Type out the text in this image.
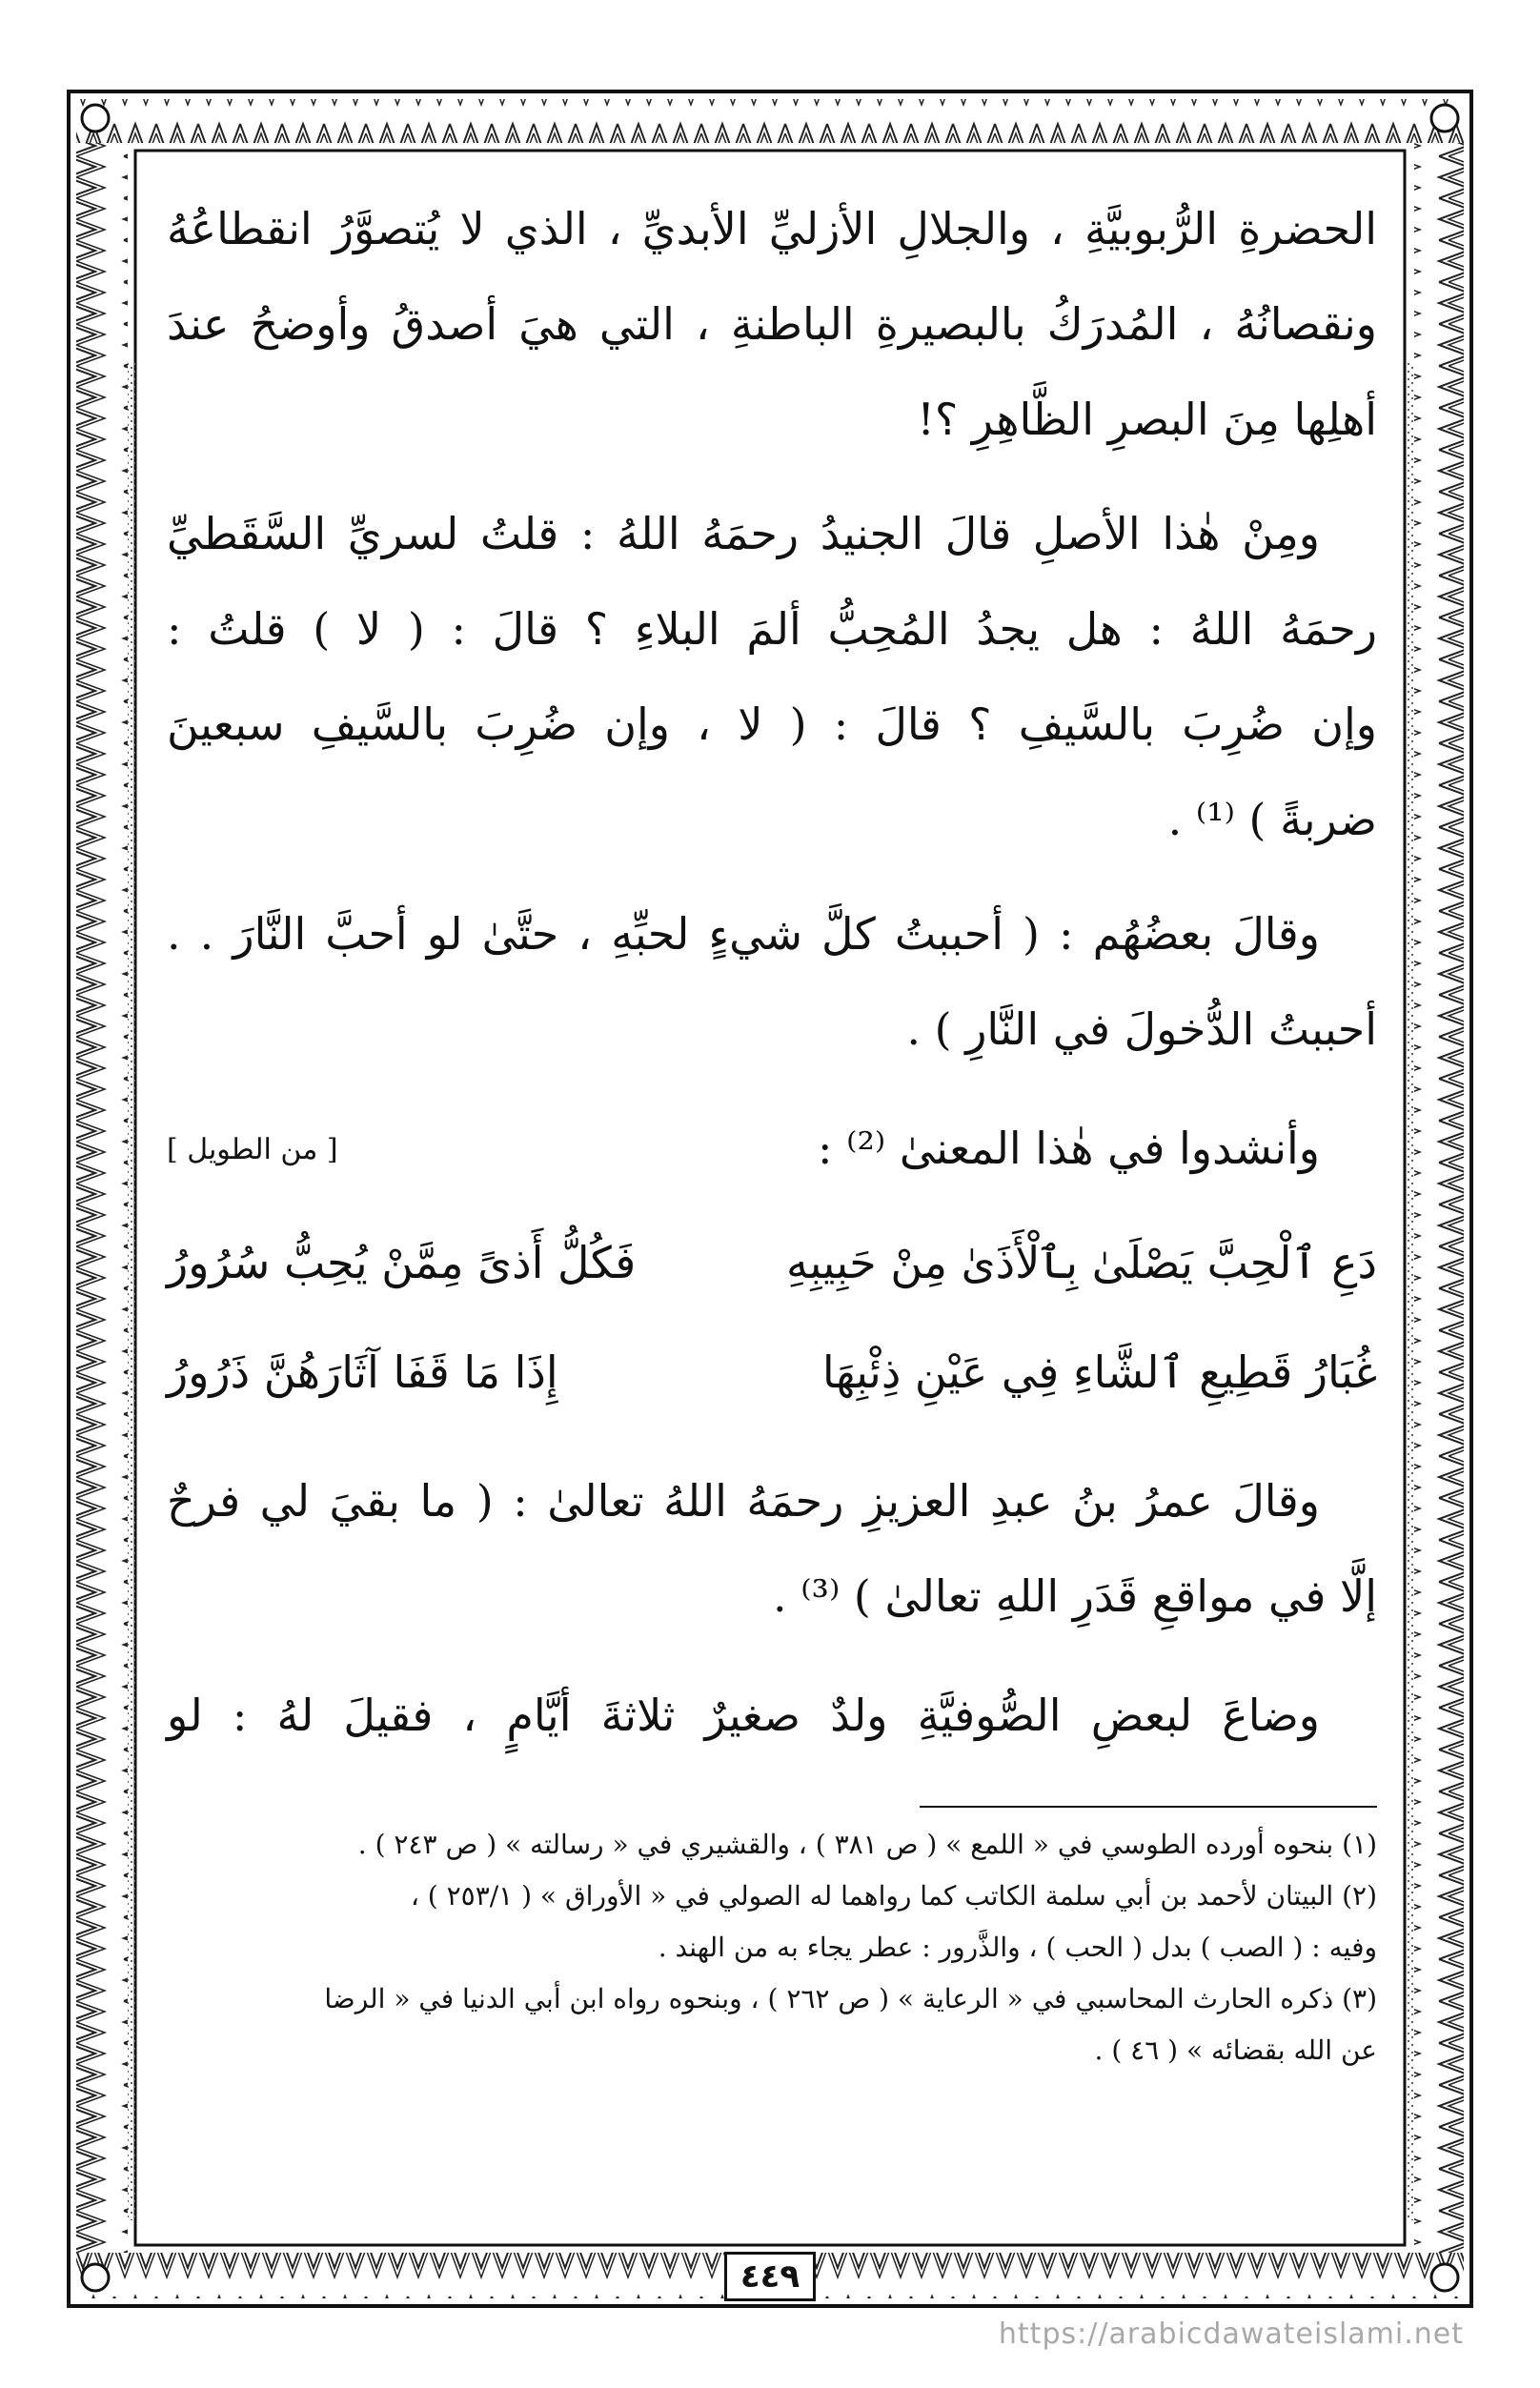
الحضرةِ الرُّبوبيَّةِ ، والجلالِ الأزليِّ الأبديِّ ، الذي لا يُتصوَّرُ انقطاعُهُ
ونقصانُهُ ، المُدرَكُ بالبصيرةِ الباطنةِ ، التي هيَ أصدقُ وأوضحُ عندَ
أهلِها مِنَ البصرِ الظَّاهِرِ ؟!
ومِنْ هٰذا الأصلِ قالَ الجنيدُ رحمَهُ اللهُ : قلتُ لسريِّ السَّقَطيِّ
رحمَهُ اللهُ : هل يجدُ المُحِبُّ ألمَ البلاءِ ؟ قالَ : ( لا ) قلتُ :
وإن ضُرِبَ بالسَّيفِ ؟ قالَ : ( لا ، وإن ضُرِبَ بالسَّيفِ سبعينَ
ضربةً ) ⁽¹⁾ .
وقالَ بعضُهُم : ( أحببتُ كلَّ شيءٍ لحبِّهِ ، حتَّىٰ لو أحبَّ النَّارَ . .
أحببتُ الدُّخولَ في النَّارِ ) .
وأنشدوا في هٰذا المعنىٰ ⁽²⁾ :
[ من الطويل ]
دَعِ ٱلْحِبَّ يَصْلَىٰ بِٱلْأَذَىٰ مِنْ حَبِيبِهِ
فَكُلُّ أَذىً مِمَّنْ يُحِبُّ سُرُورُ
غُبَارُ قَطِيعِ ٱلشَّاءِ فِي عَيْنِ ذِئْبِهَا
إِذَا مَا قَفَا آثَارَهُنَّ ذَرُورُ
وقالَ عمرُ بنُ عبدِ العزيزِ رحمَهُ اللهُ تعالىٰ : ( ما بقيَ لي فرحٌ
إلَّا في مواقعِ قَدَرِ اللهِ تعالىٰ ) ⁽³⁾ .
وضاعَ لبعضِ الصُّوفيَّةِ ولدٌ صغيرٌ ثلاثةَ أيَّامٍ ، فقيلَ لهُ : لو
(١) بنحوه أورده الطوسي في « اللمع » ( ص ٣٨١ ) ، والقشيري في « رسالته » ( ص ٢٤٣ ) .
(٢) البيتان لأحمد بن أبي سلمة الكاتب كما رواهما له الصولي في « الأوراق » ( ٢٥٣/١ ) ،
وفيه : ( الصب ) بدل ( الحب ) ، والذَّرور : عطر يجاء به من الهند .
(٣) ذكره الحارث المحاسبي في « الرعاية » ( ص ٢٦٢ ) ، وبنحوه رواه ابن أبي الدنيا في « الرضا
عن الله بقضائه » ( ٤٦ ) .
٤٤٩
https://arabicdawateislami.net
